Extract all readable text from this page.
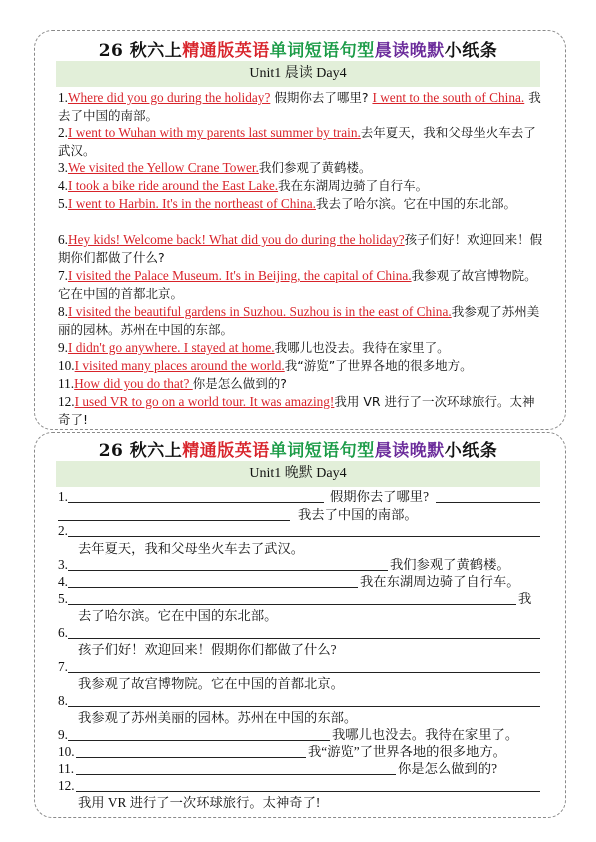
26 秋六上精通版英语单词短语句型晨读晚默小纸条
Unit1 晨读 Day4
1.Where did you go during the holiday? 假期你去了哪里? I went to the south of China. 我去了中国的南部。
2.I went to Wuhan with my parents last summer by train.去年夏天，我和父母坐火车去了武汉。
3.We visited the Yellow Crane Tower.我们参观了黄鹤楼。
4.I took a bike ride around the East Lake.我在东湖周边骑了自行车。
5.I went to Harbin. It's in the northeast of China.我去了哈尔滨。它在中国的东北部。
6.Hey kids! Welcome back! What did you do during the holiday?孩子们好！欢迎回来！假期你们都做了什么?
7.I visited the Palace Museum. It's in Beijing, the capital of China.我参观了故宫博物院。它在中国的首都北京。
8.I visited the beautiful gardens in Suzhou. Suzhou is in the east of China.我参观了苏州美丽的园林。苏州在中国的东部。
9.I didn't go anywhere. I stayed at home.我哪儿也没去。我待在家里了。
10.I visited many places around the world.我“游览”了世界各地的很多地方。
11.How did you do that? 你是怎么做到的?
12.I used VR to go on a world tour. It was amazing!我用 VR 进行了一次环球旅行。太神奇了!
26 秋六上精通版英语单词短语句型晨读晚默小纸条
Unit1 晚默 Day4
1.	假期你去了哪里?
我去了中国的南部。
2.
去年夏天，我和父母坐火车去了武汉。
3.	我们参观了黄鹤楼。
4.	我在东湖周边骑了自行车。
5.	我
去了哈尔滨。它在中国的东北部。
6.
孩子们好！欢迎回来！假期你们都做了什么?
7.
我参观了故宫博物院。它在中国的首都北京。
8.
我参观了苏州美丽的园林。苏州在中国的东部。
9.	我哪儿也没去。我待在家里了。
10.	我“游览”了世界各地的很多地方。
11.	你是怎么做到的?
12.
我用 VR 进行了一次环球旅行。太神奇了!
